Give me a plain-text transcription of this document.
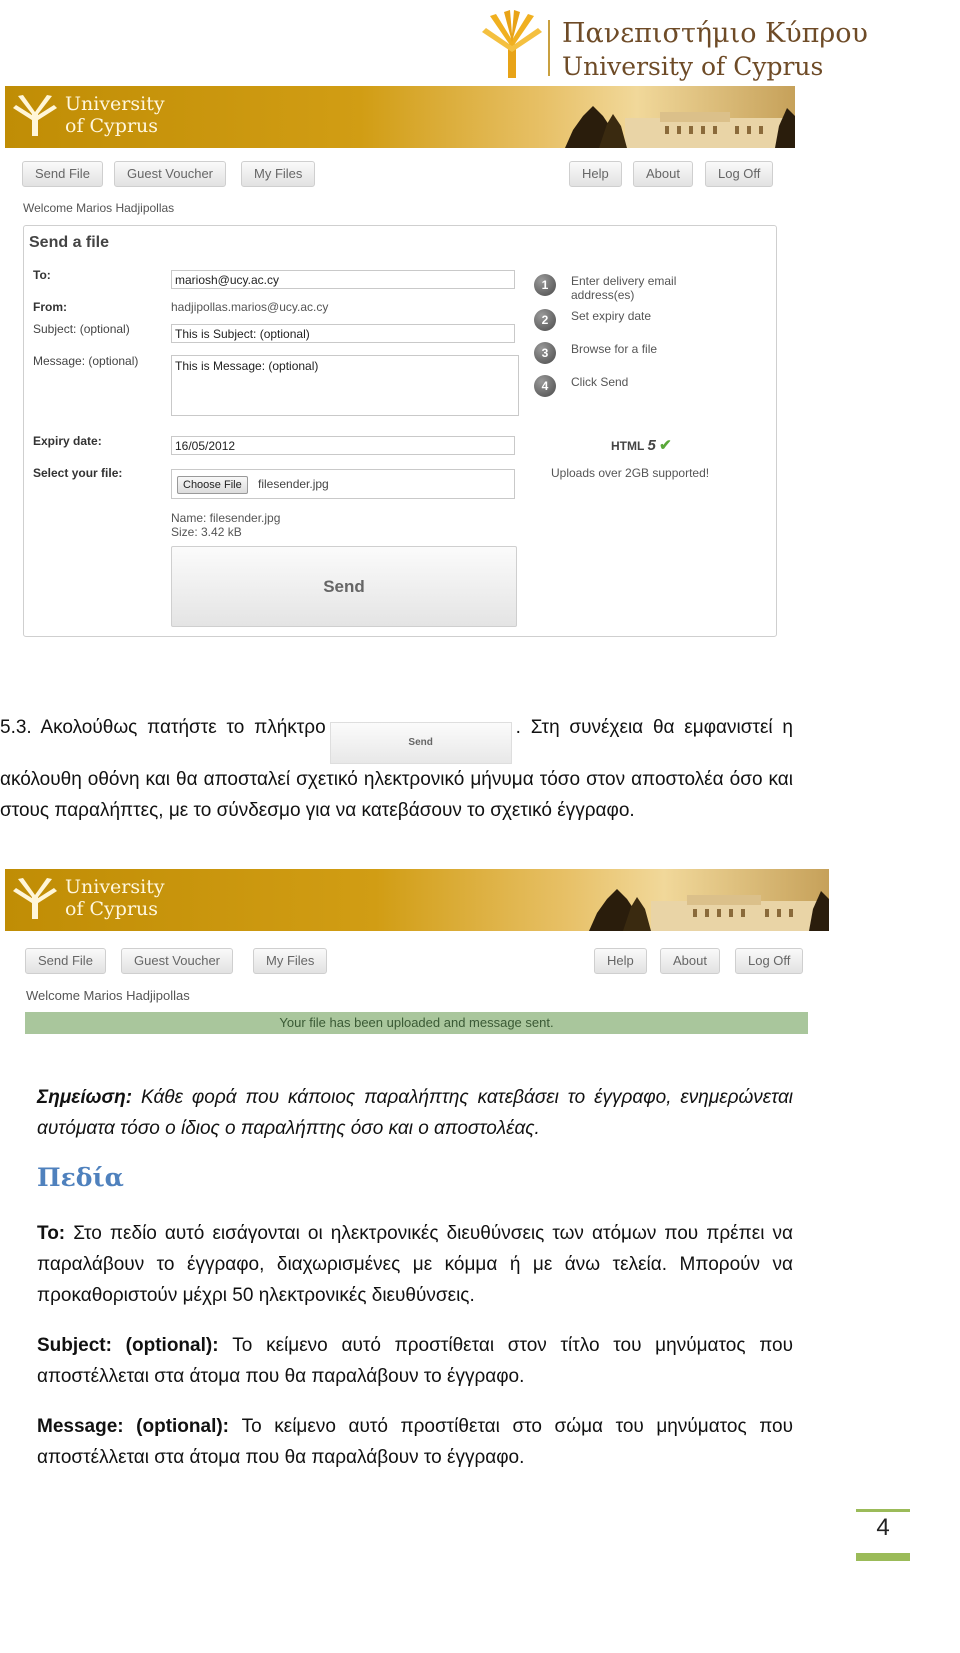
Πανεπιστήμιο Κύπρου
University of Cyprus
University
of Cyprus
Send File	Guest Voucher	My Files	Help	About	Log Off
Welcome Marios Hadjipollas
Send a file
To:	mariosh@ucy.ac.cy
From:	hadjipollas.marios@ucy.ac.cy
Subject: (optional)	This is Subject: (optional)
Message: (optional)	This is Message: (optional)
Expiry date:	16/05/2012
Select your file:
Choose File	filesender.jpg
Name: filesender.jpg
Size: 3.42 kB
Send
1	Enter delivery email address(es)
2	Set expiry date
3	Browse for a file
4	Click Send
HTML 5 ✔
Uploads over 2GB supported!
5.3. Ακολούθως πατήστε το πλήκτροSend. Στη συνέχεια θα εμφανιστεί η ακόλουθη οθόνη και θα αποσταλεί σχετικό ηλεκτρονικό μήνυμα τόσο στον αποστολέα όσο και στους παραλήπτες, με το σύνδεσμο για να κατεβάσουν το σχετικό έγγραφο.
University
of Cyprus
Send File	Guest Voucher	My Files	Help	About	Log Off
Welcome Marios Hadjipollas
Your file has been uploaded and message sent.
Σημείωση: Κάθε φορά που κάποιος παραλήπτης κατεβάσει το έγγραφο, ενημερώνεται αυτόματα τόσο ο ίδιος ο παραλήπτης όσο και ο αποστολέας.
Πεδία
To: Στο πεδίο αυτό εισάγονται οι ηλεκτρονικές διευθύνσεις των ατόμων που πρέπει να παραλάβουν το έγγραφο, διαχωρισμένες με κόμμα ή με άνω τελεία. Μπορούν να προκαθοριστούν μέχρι 50 ηλεκτρονικές διευθύνσεις.
Subject: (optional): Το κείμενο αυτό προστίθεται στον τίτλο του μηνύματος που αποστέλλεται στα άτομα που θα παραλάβουν το έγγραφο.
Message: (optional): Το κείμενο αυτό προστίθεται στο σώμα του μηνύματος που αποστέλλεται στα άτομα που θα παραλάβουν το έγγραφο.
4
